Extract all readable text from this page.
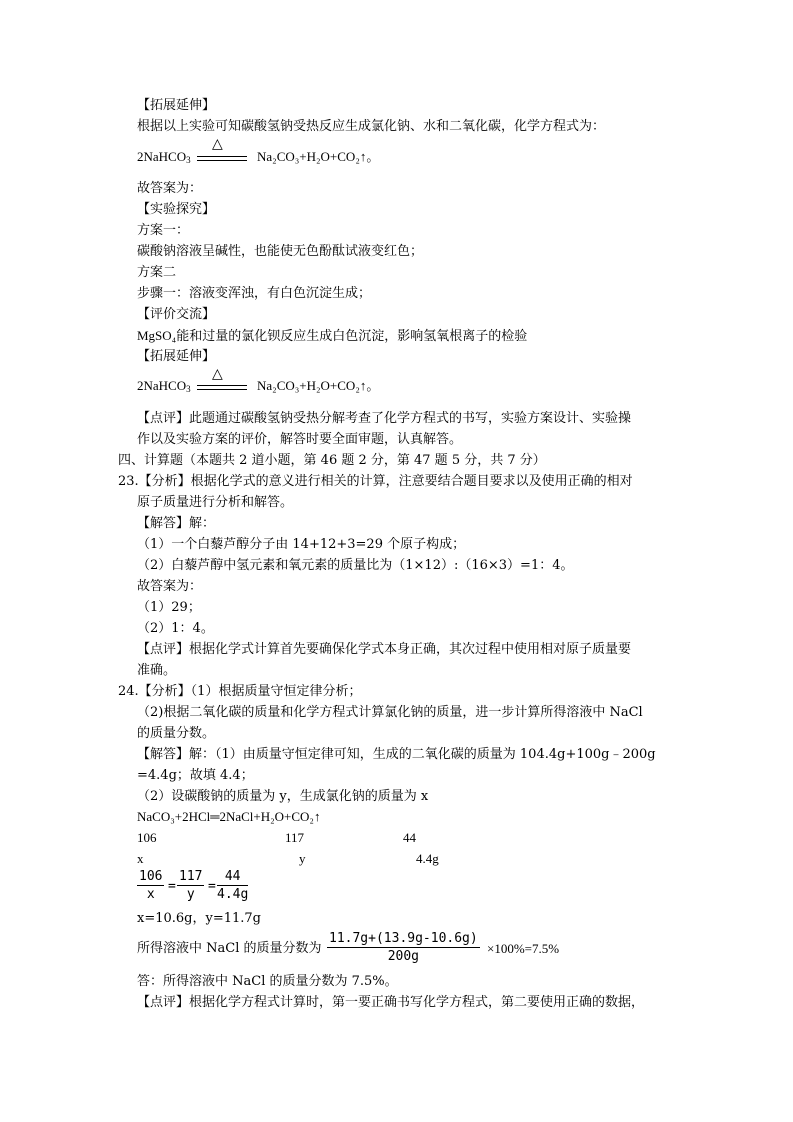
【拓展延伸】
根据以上实验可知碳酸氢钠受热反应生成氯化钠、水和二氧化碳，化学方程式为：
2NaHCO$_3$
△
Na₂CO₃+H₂O+CO₂↑。
故答案为：
【实验探究】
方案一：
碳酸钠溶液呈碱性，也能使无色酚酞试液变红色；
方案二
步骤一：溶液变浑浊，有白色沉淀生成；
【评价交流】
MgSO₄能和过量的氯化钡反应生成白色沉淀，影响氢氧根离子的检验
【拓展延伸】
2NaHCO$_3$
△
Na₂CO₃+H₂O+CO₂↑。
【点评】此题通过碳酸氢钠受热分解考查了化学方程式的书写，实验方案设计、实验操
作以及实验方案的评价，解答时要全面审题，认真解答。
四、计算题（本题共 2 道小题，第 46 题 2 分，第 47 题 5 分，共 7 分）
23.【分析】根据化学式的意义进行相关的计算，注意要结合题目要求以及使用正确的相对
原子质量进行分析和解答。
【解答】解：
（1）一个白藜芦醇分子由 14+12+3=29 个原子构成；
（2）白藜芦醇中氢元素和氧元素的质量比为（1×12）:（16×3）=1：4。
故答案为：
（1）29；
（2）1：4。
【点评】根据化学式计算首先要确保化学式本身正确，其次过程中使用相对原子质量要
准确。
24.【分析】（1）根据质量守恒定律分析；
（2)根据二氧化碳的质量和化学方程式计算氯化钠的质量，进一步计算所得溶液中 NaCl
的质量分数。
【解答】解：（1）由质量守恒定律可知，生成的二氧化碳的质量为 104.4g+100g﹣200g
=4.4g；故填 4.4；
（2）设碳酸钠的质量为 y，生成氯化钠的质量为 x
NaCO₃+2HCl═2NaCl+H₂O+CO₂↑
106	117	44
x	y	4.4g
$\frac{106}{x} = \frac{117}{y} = \frac{44}{4.4g}$
x=10.6g，y=11.7g
所得溶液中 NaCl 的质量分数为 $\frac{11.7g+(13.9g-10.6g)}{200g} \times 100\%=7.5\%$
答：所得溶液中 NaCl 的质量分数为 7.5%。
【点评】根据化学方程式计算时，第一要正确书写化学方程式，第二要使用正确的数据，
